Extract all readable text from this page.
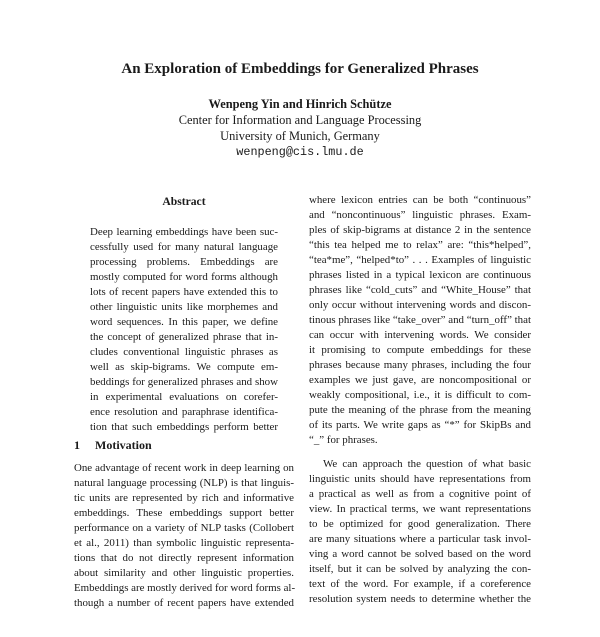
An Exploration of Embeddings for Generalized Phrases
Wenpeng Yin and Hinrich Schütze
Center for Information and Language Processing
University of Munich, Germany
wenpeng@cis.lmu.de
Abstract
Deep learning embeddings have been suc-
cessfully used for many natural language
processing problems. Embeddings are
mostly computed for word forms although
lots of recent papers have extended this to
other linguistic units like morphemes and
word sequences. In this paper, we define
the concept of generalized phrase that in-
cludes conventional linguistic phrases as
well as skip-bigrams. We compute em-
beddings for generalized phrases and show
in experimental evaluations on corefer-
ence resolution and paraphrase identifica-
tion that such embeddings perform better
1 Motivation
One advantage of recent work in deep learning on
natural language processing (NLP) is that linguis-
tic units are represented by rich and informative
embeddings. These embeddings support better
performance on a variety of NLP tasks (Collobert
et al., 2011) than symbolic linguistic representa-
tions that do not directly represent information
about similarity and other linguistic properties.
Embeddings are mostly derived for word forms al-
though a number of recent papers have extended
where lexicon entries can be both “continuous”
and “noncontinuous” linguistic phrases. Exam-
ples of skip-bigrams at distance 2 in the sentence
“this tea helped me to relax” are: “this*helped”,
“tea*me”, “helped*to” . . . Examples of linguistic
phrases listed in a typical lexicon are continuous
phrases like “cold_cuts” and “White_House” that
only occur without intervening words and discon-
tinous phrases like “take_over” and “turn_off” that
can occur with intervening words. We consider
it promising to compute embeddings for these
phrases because many phrases, including the four
examples we just gave, are noncompositional or
weakly compositional, i.e., it is difficult to com-
pute the meaning of the phrase from the meaning
of its parts. We write gaps as “*” for SkipBs and
“_” for phrases.
We can approach the question of what basic
linguistic units should have representations from
a practical as well as from a cognitive point of
view. In practical terms, we want representations
to be optimized for good generalization. There
are many situations where a particular task invol-
ving a word cannot be solved based on the word
itself, but it can be solved by analyzing the con-
text of the word. For example, if a coreference
resolution system needs to determine whether the
